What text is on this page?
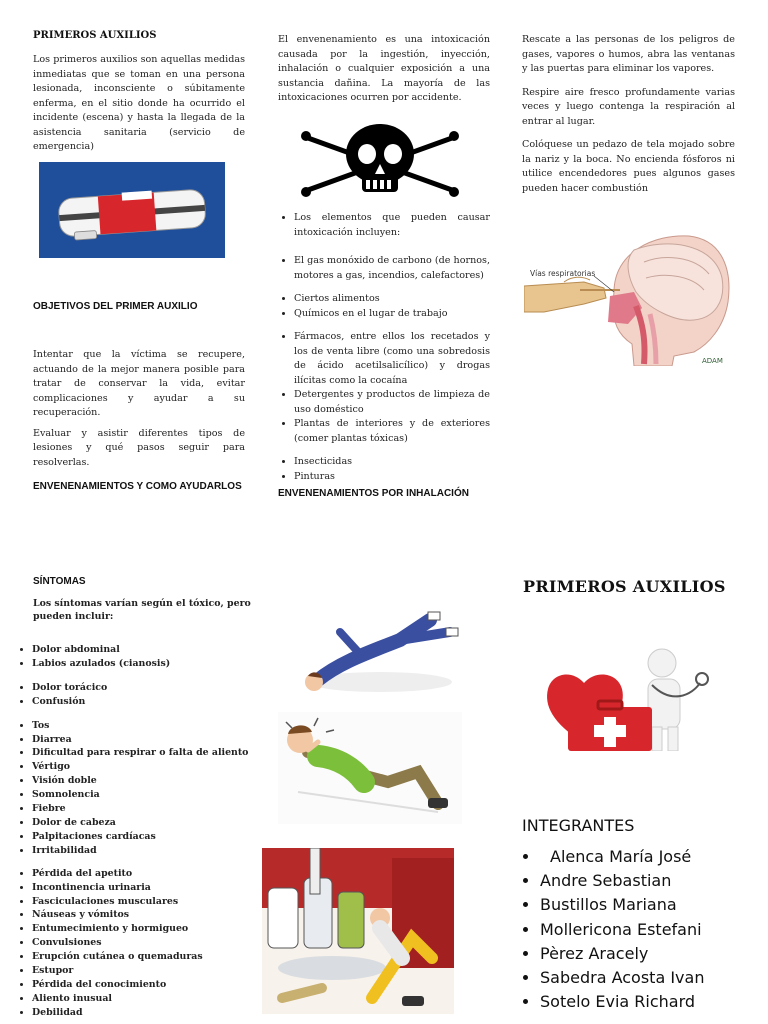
PRIMEROS AUXILIOS
Los primeros auxilios son aquellas medidas inmediatas que se toman en una persona lesionada, inconsciente o súbitamente enferma, en el sitio donde ha ocurrido el incidente (escena) y hasta la llegada de la asistencia sanitaria (servicio de emergencia)
OBJETIVOS DEL PRIMER AUXILIO
Intentar que la víctima se recupere, actuando de la mejor manera posible para tratar de conservar la vida, evitar complicaciones y ayudar a su recuperación.
Evaluar y asistir diferentes tipos de lesiones y qué pasos seguir para resolverlas.
ENVENENAMIENTOS Y COMO AYUDARLOS
El envenenamiento es una intoxicación causada por la ingestión, inyección, inhalación o cualquier exposición a una sustancia dañina. La mayoría de las intoxicaciones ocurren por accidente.
• Los elementos que pueden causar intoxicación incluyen:
• El gas monóxido de carbono (de hornos, motores a gas, incendios, calefactores)
• Ciertos alimentos
• Químicos en el lugar de trabajo
• Fármacos, entre ellos los recetados y los de venta libre (como una sobredosis de ácido acetilsalicílico) y drogas ilícitas como la cocaína
• Detergentes y productos de limpieza de uso doméstico
• Plantas de interiores y de exteriores (comer plantas tóxicas)
• Insecticidas
• Pinturas
ENVENENAMIENTOS POR INHALACIÓN
Rescate a las personas de los peligros de gases, vapores o humos, abra las ventanas y las puertas para eliminar los vapores.
Respire aire fresco profundamente varias veces y luego contenga la respiración al entrar al lugar.
Colóquese un pedazo de tela mojado sobre la nariz y la boca. No encienda fósforos ni utilice encendedores pues algunos gases pueden hacer combustión
Vías respiratorias
ADAM
SÍNTOMAS
Los síntomas varían según el tóxico, pero pueden incluir:
• Dolor abdominal
• Labios azulados (cianosis)
• Dolor torácico
• Confusión
• Tos
• Diarrea
• Dificultad para respirar o falta de aliento
• Vértigo
• Visión doble
• Somnolencia
• Fiebre
• Dolor de cabeza
• Palpitaciones cardíacas
• Irritabilidad
• Pérdida del apetito
• Incontinencia urinaria
• Fasciculaciones musculares
• Náuseas y vómitos
• Entumecimiento y hormigueo
• Convulsiones
• Erupción cutánea o quemaduras
• Estupor
• Pérdida del conocimiento
• Aliento inusual
• Debilidad
PRIMEROS AUXILIOS
INTEGRANTES
• Alenca María José
• Andre Sebastian
• Bustillos Mariana
• Mollericona Estefani
• Pèrez Aracely
• Sabedra Acosta Ivan
• Sotelo Evia Richard
